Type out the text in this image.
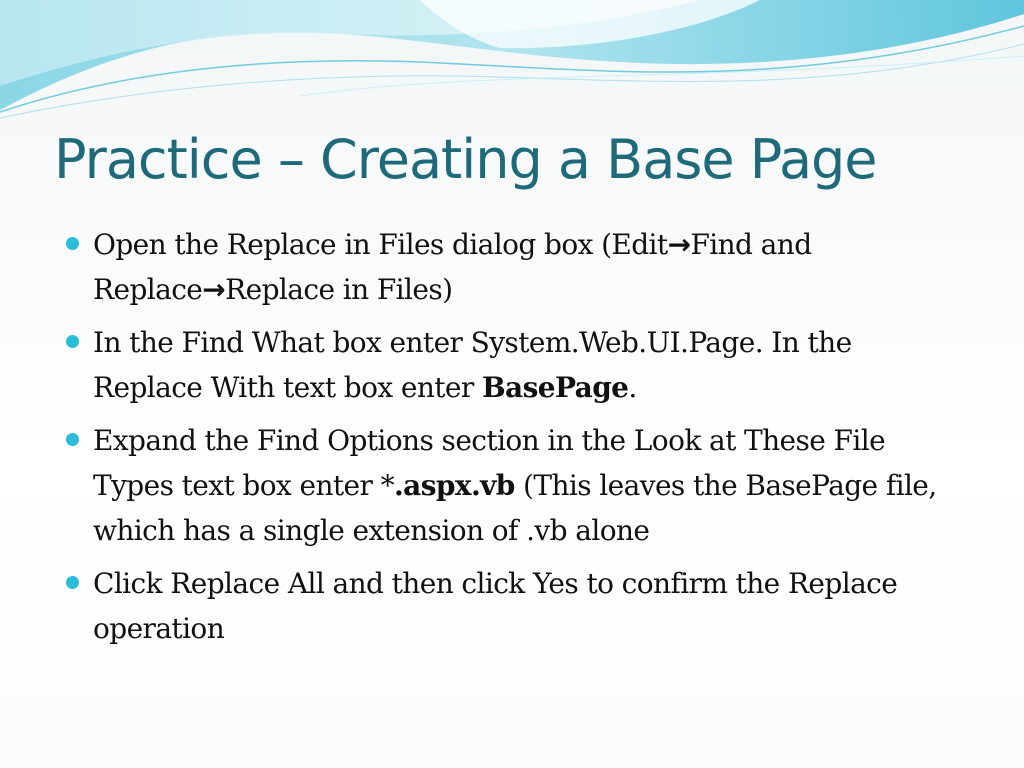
Practice – Creating a Base Page
Open the Replace in Files dialog box (Edit→Find and Replace→Replace in Files)
In the Find What box enter System.Web.UI.Page. In the Replace With text box enter BasePage.
Expand the Find Options section in the Look at These File Types text box enter *.aspx.vb (This leaves the BasePage file, which has a single extension of .vb alone
Click Replace All and then click Yes to confirm the Replace operation
